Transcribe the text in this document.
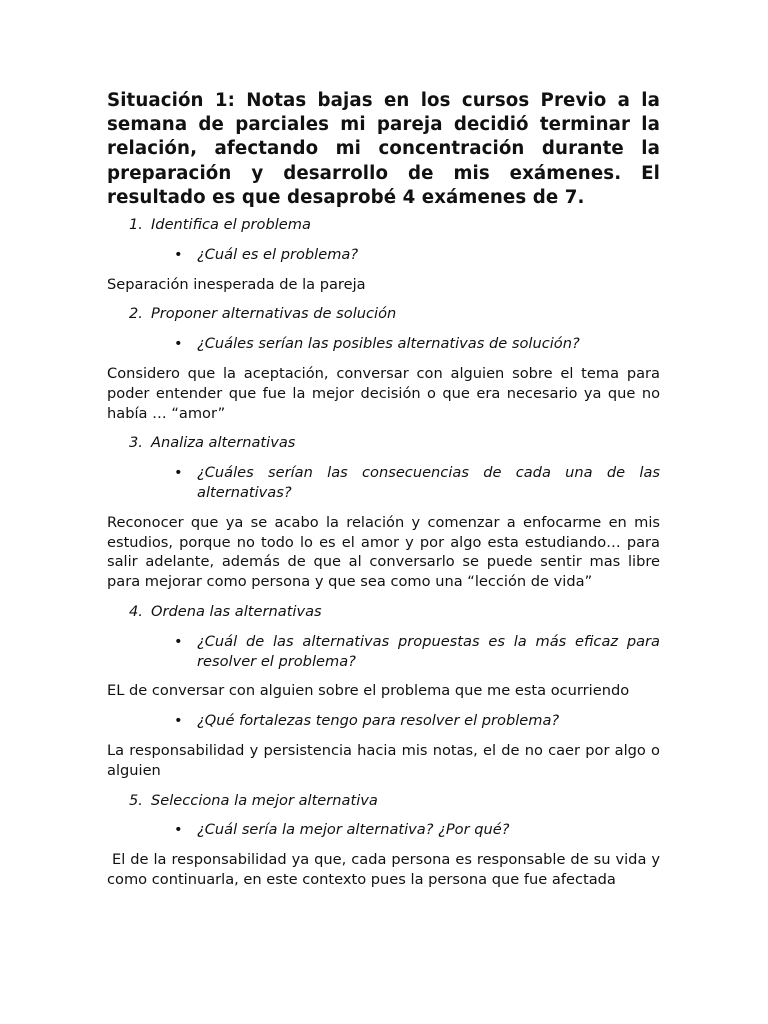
Situación 1: Notas bajas en los cursos Previo a la semana de parciales mi pareja decidió terminar la relación, afectando mi concentración durante la preparación y desarrollo de mis exámenes. El resultado es que desaprobé 4 exámenes de 7.

1. Identifica el problema
• ¿Cuál es el problema?

Separación inesperada de la pareja

2. Proponer alternativas de solución
• ¿Cuáles serían las posibles alternativas de solución?

Considero que la aceptación, conversar con alguien sobre el tema para poder entender que fue la mejor decisión o que era necesario ya que no había … “amor”

3. Analiza alternativas
• ¿Cuáles serían las consecuencias de cada una de las alternativas?

Reconocer que ya se acabo la relación y comenzar a enfocarme en mis estudios, porque no todo lo es el amor y por algo esta estudiando… para salir adelante, además de que al conversarlo se puede sentir mas libre para mejorar como persona y que sea como una “lección de vida”

4. Ordena las alternativas
• ¿Cuál de las alternativas propuestas es la más eficaz para resolver el problema?

EL de conversar con alguien sobre el problema que me esta ocurriendo

• ¿Qué fortalezas tengo para resolver el problema?

La responsabilidad y persistencia hacia mis notas, el de no caer por algo o alguien

5. Selecciona la mejor alternativa
• ¿Cuál sería la mejor alternativa? ¿Por qué?

El de la responsabilidad ya que, cada persona es responsable de su vida y como continuarla, en este contexto pues la persona que fue afectada
